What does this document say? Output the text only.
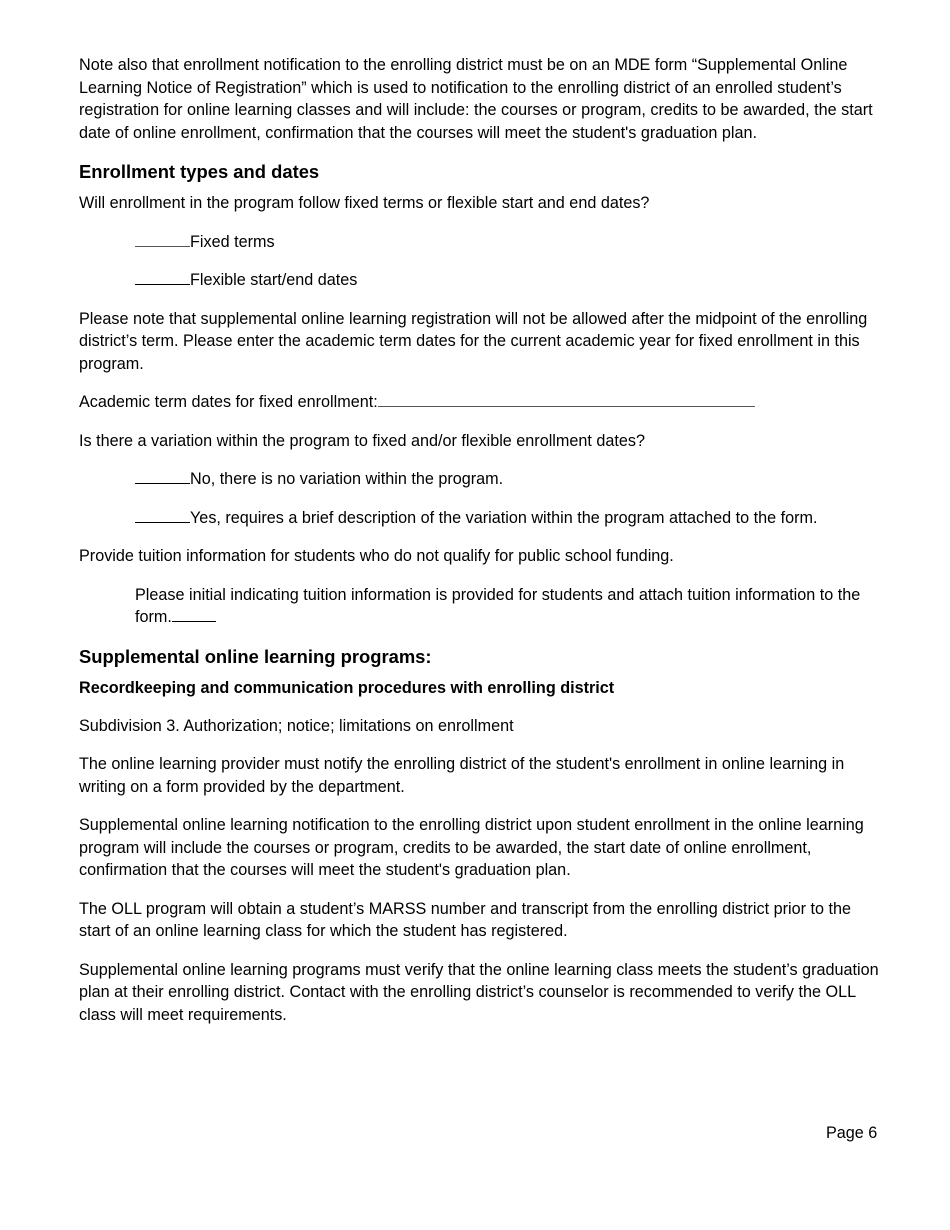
Note also that enrollment notification to the enrolling district must be on an MDE form “Supplemental Online Learning Notice of Registration” which is used to notification to the enrolling district of an enrolled student’s registration for online learning classes and will include: the courses or program, credits to be awarded, the start date of online enrollment, confirmation that the courses will meet the student's graduation plan.

Enrollment types and dates

Will enrollment in the program follow fixed terms or flexible start and end dates?

Fixed terms
Flexible start/end dates

Please note that supplemental online learning registration will not be allowed after the midpoint of the enrolling district’s term. Please enter the academic term dates for the current academic year for fixed enrollment in this program.

Academic term dates for fixed enrollment:

Is there a variation within the program to fixed and/or flexible enrollment dates?

No, there is no variation within the program.
Yes, requires a brief description of the variation within the program attached to the form.

Provide tuition information for students who do not qualify for public school funding.

Please initial indicating tuition information is provided for students and attach tuition information to the form.

Supplemental online learning programs:
Recordkeeping and communication procedures with enrolling district

Subdivision 3. Authorization; notice; limitations on enrollment

The online learning provider must notify the enrolling district of the student's enrollment in online learning in writing on a form provided by the department.

Supplemental online learning notification to the enrolling district upon student enrollment in the online learning program will include the courses or program, credits to be awarded, the start date of online enrollment, confirmation that the courses will meet the student's graduation plan.

The OLL program will obtain a student’s MARSS number and transcript from the enrolling district prior to the start of an online learning class for which the student has registered.

Supplemental online learning programs must verify that the online learning class meets the student’s graduation plan at their enrolling district. Contact with the enrolling district’s counselor is recommended to verify the OLL class will meet requirements.

Page 6
